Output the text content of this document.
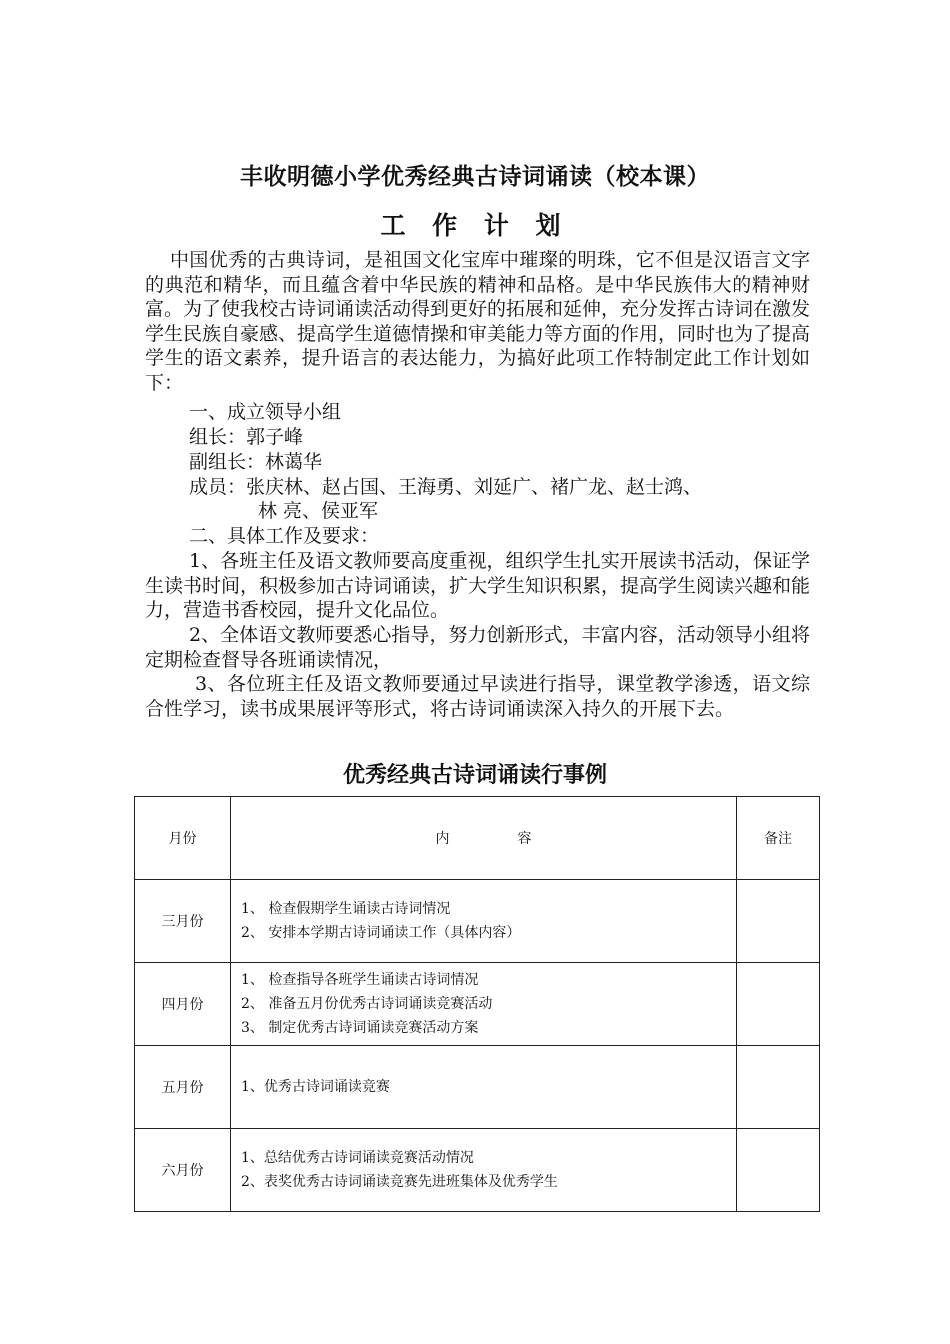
丰收明德小学优秀经典古诗词诵读（校本课）
工 作 计 划
中国优秀的古典诗词，是祖国文化宝库中璀璨的明珠，它不但是汉语言文字的典范和精华，而且蕴含着中华民族的精神和品格。是中华民族伟大的精神财富。为了使我校古诗词诵读活动得到更好的拓展和延伸，充分发挥古诗词在激发学生民族自豪感、提高学生道德情操和审美能力等方面的作用，同时也为了提高学生的语文素养，提升语言的表达能力，为搞好此项工作特制定此工作计划如下：
一、成立领导小组
组长：郭子峰
副组长：林蔼华
成员：张庆林、赵占国、王海勇、刘延广、褚广龙、赵士鸿、
林 亮、侯亚军
二、具体工作及要求：
1、各班主任及语文教师要高度重视，组织学生扎实开展读书活动，保证学生读书时间，积极参加古诗词诵读，扩大学生知识积累，提高学生阅读兴趣和能力，营造书香校园，提升文化品位。
2、全体语文教师要悉心指导，努力创新形式，丰富内容，活动领导小组将定期检查督导各班诵读情况，
3、各位班主任及语文教师要通过早读进行指导，课堂教学渗透，语文综合性学习，读书成果展评等形式，将古诗词诵读深入持久的开展下去。
优秀经典古诗词诵读行事例
月份	内 容	备注
三月份	1、 检查假期学生诵读古诗词情况
2、 安排本学期古诗词诵读工作（具体内容）	

四月份	1、 检查指导各班学生诵读古诗词情况
2、 准备五月份优秀古诗词诵读竞赛活动
3、 制定优秀古诗词诵读竞赛活动方案	

五月份	1、优秀古诗词诵读竞赛	

六月份	1、总结优秀古诗词诵读竞赛活动情况
2、表奖优秀古诗词诵读竞赛先进班集体及优秀学生	
